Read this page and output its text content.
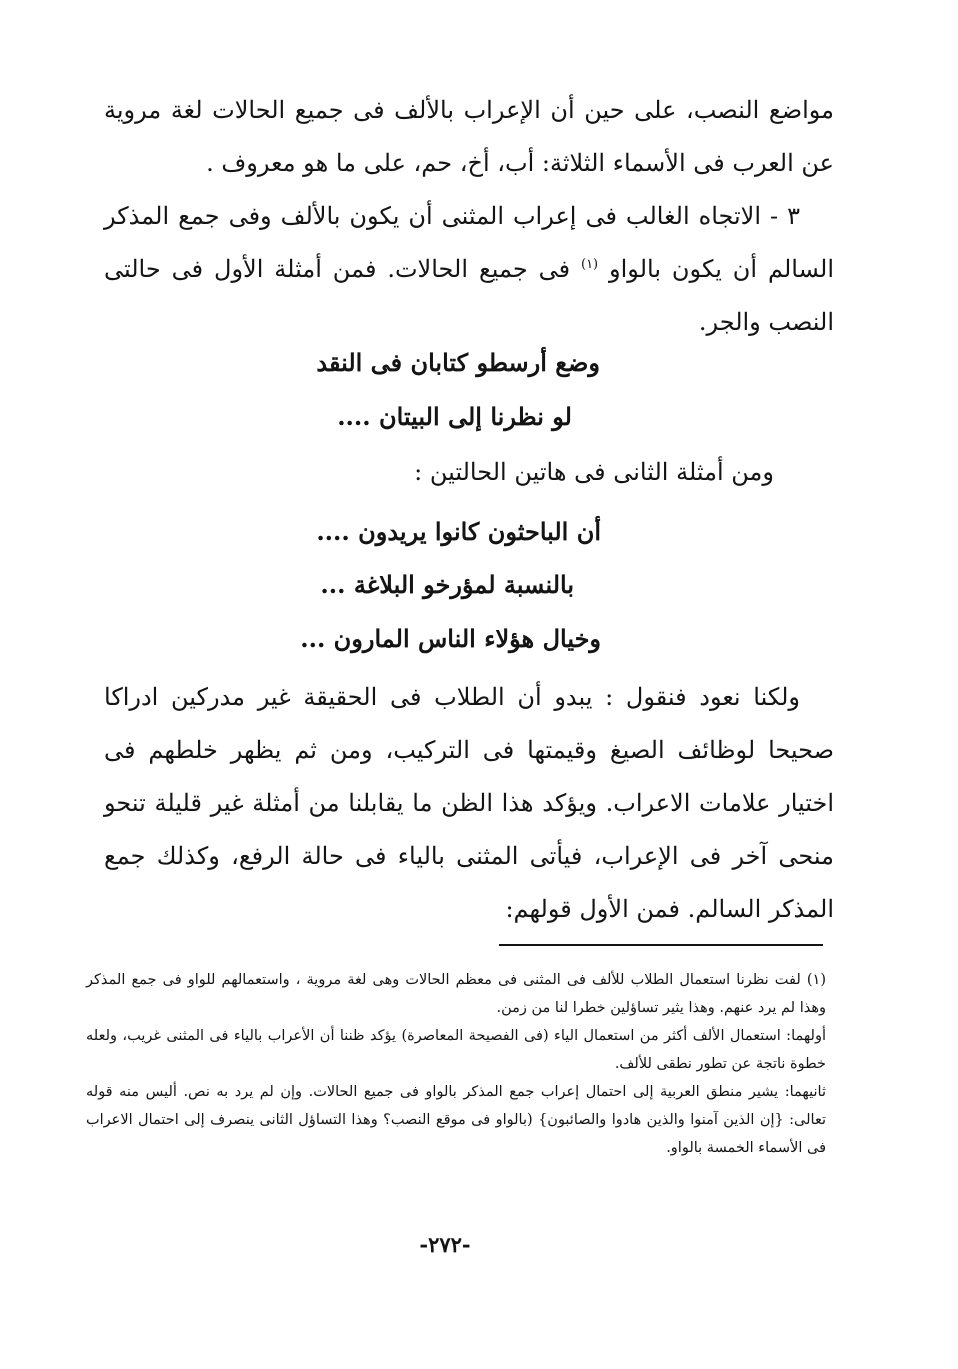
مواضع النصب، على حين أن الإعراب بالألف فى جميع الحالات لغة مروية عن العرب فى الأسماء الثلاثة: أب، أخ، حم، على ما هو معروف .

٣ - الاتجاه الغالب فى إعراب المثنى أن يكون بالألف وفى جمع المذكر السالم أن يكون بالواو $^{(١)}$ فى جميع الحالات. فمن أمثلة الأول فى حالتى النصب والجر.

وضع أرسطو كتابان فى النقد

لو نظرنا إلى البيتان ....

ومن أمثلة الثانى فى هاتين الحالتين :

أن الباحثون كانوا يريدون ....

بالنسبة لمؤرخو البلاغة ...

وخيال هؤلاء الناس المارون ...

ولكنا نعود فنقول : يبدو أن الطلاب فى الحقيقة غير مدركين ادراكا صحيحا لوظائف الصيغ وقيمتها فى التركيب، ومن ثم يظهر خلطهم فى اختيار علامات الاعراب. ويؤكد هذا الظن ما يقابلنا من أمثلة غير قليلة تنحو منحى آخر فى الإعراب، فيأتى المثنى بالياء فى حالة الرفع، وكذلك جمع المذكر السالم. فمن الأول قولهم:

(١) لفت نظرنا استعمال الطلاب للألف فى المثنى فى معظم الحالات وهى لغة مروية ، واستعمالهم للواو فى جمع المذكر وهذا لم يرد عنهم. وهذا يثير تساؤلين خطرا لنا من زمن.

أولهما: استعمال الألف أكثر من استعمال الياء (فى الفصيحة المعاصرة) يؤكد ظننا أن الأعراب بالياء فى المثنى غريب، ولعله خطوة ناتجة عن تطور نطقى للألف.

ثانيهما: يشير منطق العربية إلى احتمال إعراب جمع المذكر بالواو فى جميع الحالات. وإن لم يرد به نص. أليس منه قوله تعالى: {إن الذين آمنوا والذين هادوا والصائبون} (بالواو فى موقع النصب؟ وهذا التساؤل الثانى ينصرف إلى احتمال الاعراب فى الأسماء الخمسة بالواو.

-٢٧٢-
